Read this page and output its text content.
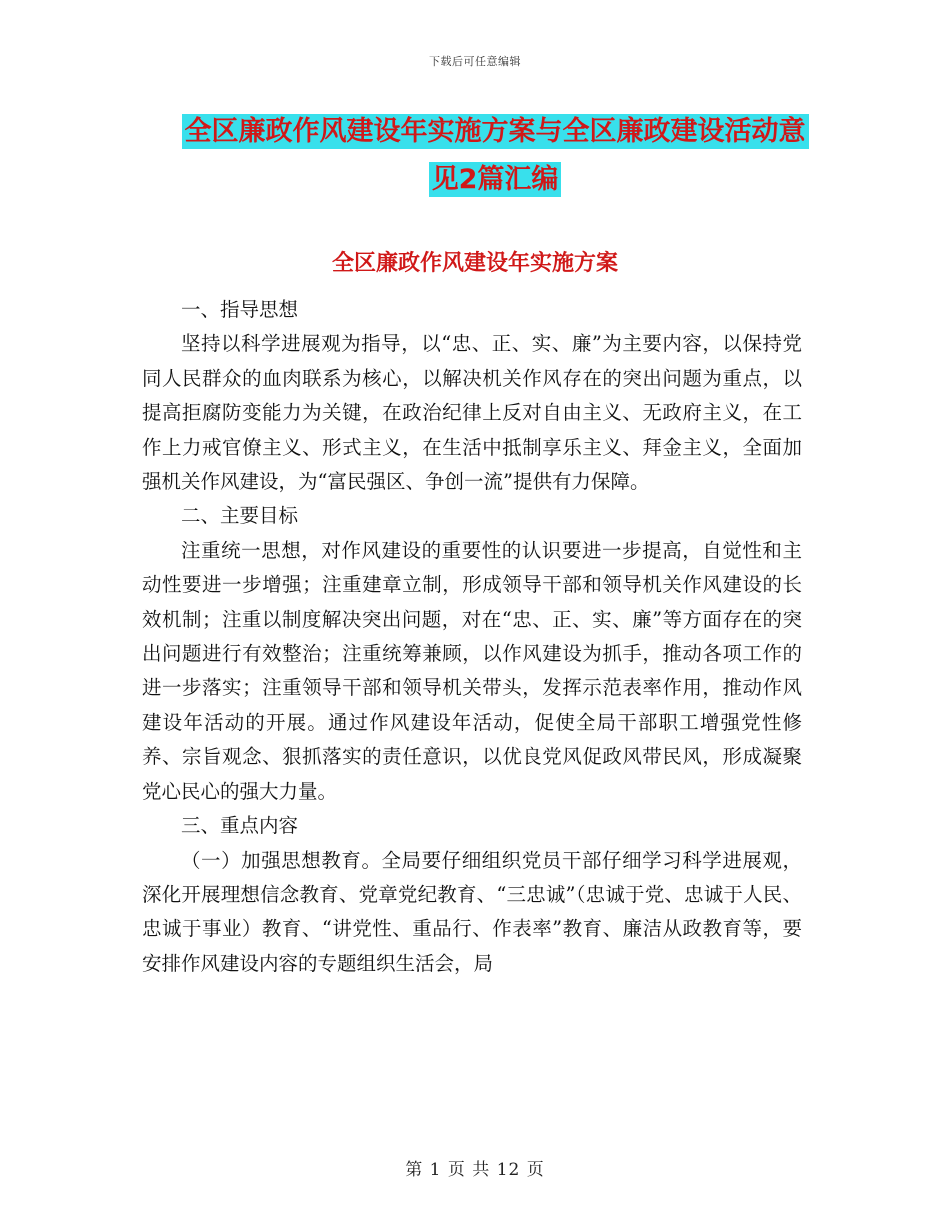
下载后可任意编辑
全区廉政作风建设年实施方案与全区廉政建设活动意
见2篇汇编
全区廉政作风建设年实施方案

一、指导思想

坚持以科学进展观为指导，以“忠、正、实、廉”为主要内容，以保持党同人民群众的血肉联系为核心，以解决机关作风存在的突出问题为重点，以提高拒腐防变能力为关键，在政治纪律上反对自由主义、无政府主义，在工作上力戒官僚主义、形式主义，在生活中抵制享乐主义、拜金主义，全面加强机关作风建设，为“富民强区、争创一流”提供有力保障。

二、主要目标

注重统一思想，对作风建设的重要性的认识要进一步提高，自觉性和主动性要进一步增强；注重建章立制，形成领导干部和领导机关作风建设的长效机制；注重以制度解决突出问题，对在“忠、正、实、廉”等方面存在的突出问题进行有效整治；注重统筹兼顾，以作风建设为抓手，推动各项工作的进一步落实；注重领导干部和领导机关带头，发挥示范表率作用，推动作风建设年活动的开展。通过作风建设年活动，促使全局干部职工增强党性修养、宗旨观念、狠抓落实的责任意识，以优良党风促政风带民风，形成凝聚党心民心的强大力量。

三、重点内容

（一）加强思想教育。全局要仔细组织党员干部仔细学习科学进展观，深化开展理想信念教育、党章党纪教育、“三忠诚”（忠诚于党、忠诚于人民、忠诚于事业）教育、“讲党性、重品行、作表率”教育、廉洁从政教育等，要安排作风建设内容的专题组织生活会，局

第 1 页 共 12 页
